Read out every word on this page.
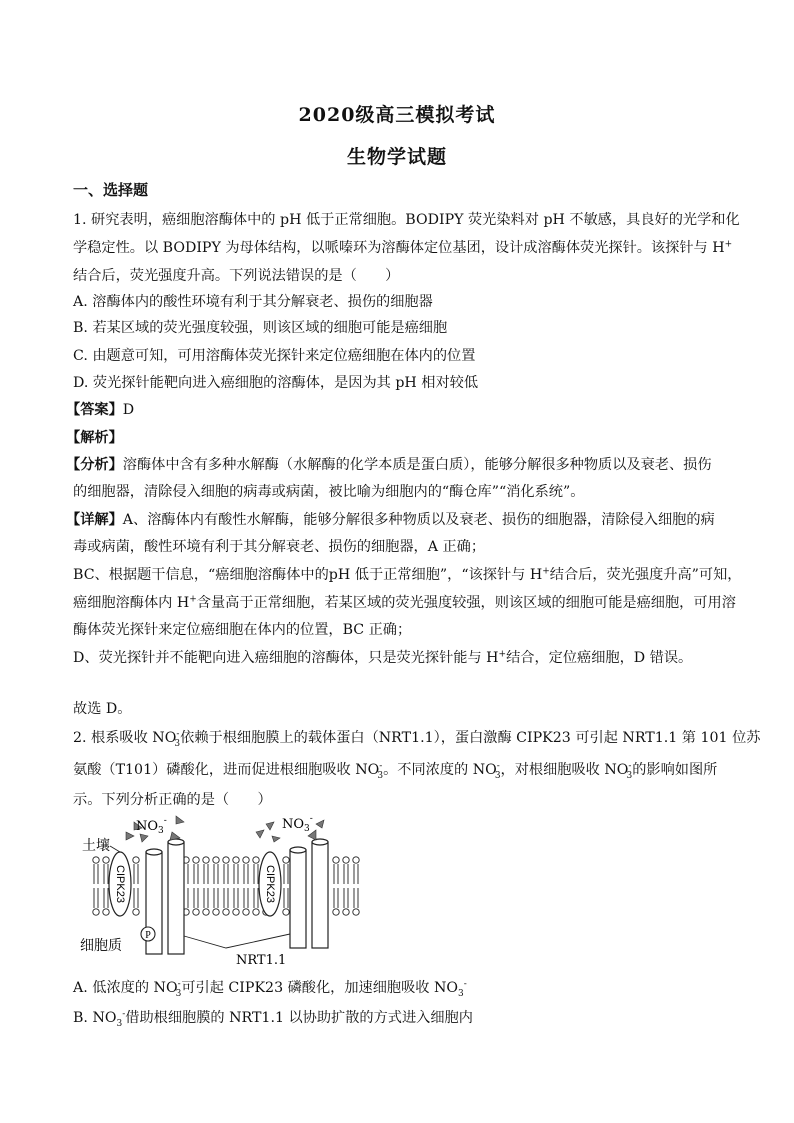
2020级高三模拟考试
生物学试题
一、选择题
1. 研究表明，癌细胞溶酶体中的 pH 低于正常细胞。BODIPY 荧光染料对 pH 不敏感，具良好的光学和化
学稳定性。以 BODIPY 为母体结构，以哌嗪环为溶酶体定位基团，设计成溶酶体荧光探针。该探针与 H+
结合后，荧光强度升高。下列说法错误的是（　　）
A. 溶酶体内的酸性环境有利于其分解衰老、损伤的细胞器
B. 若某区域的荧光强度较强，则该区域的细胞可能是癌细胞
C. 由题意可知，可用溶酶体荧光探针来定位癌细胞在体内的位置
D. 荧光探针能靶向进入癌细胞的溶酶体，是因为其 pH 相对较低
【答案】D
【解析】
【分析】溶酶体中含有多种水解酶（水解酶的化学本质是蛋白质），能够分解很多种物质以及衰老、损伤
的细胞器，清除侵入细胞的病毒或病菌，被比喻为细胞内的“酶仓库”“消化系统”。
【详解】A、溶酶体内有酸性水解酶，能够分解很多种物质以及衰老、损伤的细胞器，清除侵入细胞的病
毒或病菌，酸性环境有利于其分解衰老、损伤的细胞器，A 正确；
BC、根据题干信息，“癌细胞溶酶体中的pH 低于正常细胞”，“该探针与 H+结合后，荧光强度升高”可知，
癌细胞溶酶体内 H+含量高于正常细胞，若某区域的荧光强度较强，则该区域的细胞可能是癌细胞，可用溶
酶体荧光探针来定位癌细胞在体内的位置，BC 正确；
D、荧光探针并不能靶向进入癌细胞的溶酶体，只是荧光探针能与 H+结合，定位癌细胞，D 错误。
故选 D。
2. 根系吸收 $NO^-_3$依赖于根细胞膜上的载体蛋白（NRT1.1），蛋白激酶 CIPK23 可引起 NRT1.1 第 101 位苏
氨酸（T101）磷酸化，进而促进根细胞吸收 $NO^-_3$。不同浓度的 $NO^-_3$，对根细胞吸收 $NO^-_3$的影响如图所
示。下列分析正确的是（　　）
CIPK23	CIPK23
P
土壤
$NO_3^-$	$NO_3^-$
细胞质
NRT1.1
A. 低浓度的 $NO^-_3$可引起 CIPK23 磷酸化，加速细胞吸收 $NO_3^-$
B. $NO_3^-$借助根细胞膜的 NRT1.1 以协助扩散的方式进入细胞内
